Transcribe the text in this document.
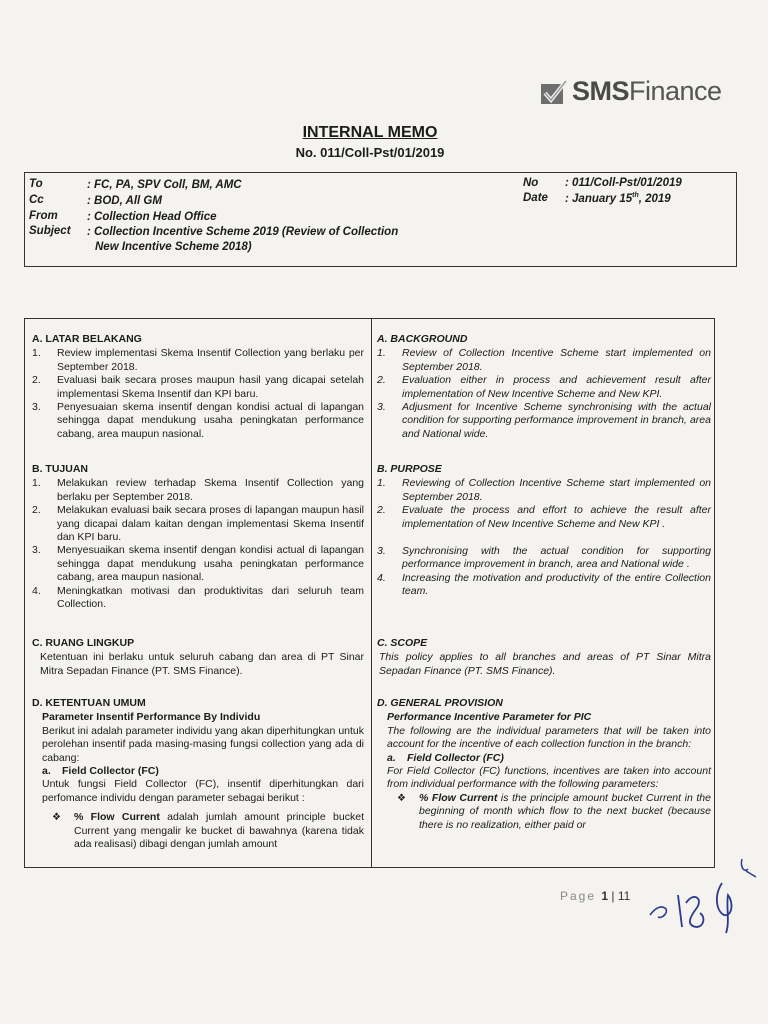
SMSFinance
INTERNAL MEMO
No. 011/Coll-Pst/01/2019
To	: FC, PA, SPV Coll, BM, AMC
Cc	: BOD, All GM
From	: Collection Head Office
Subject	: Collection Incentive Scheme 2019 (Review of Collection
New Incentive Scheme 2018)
No	: 011/Coll-Pst/01/2019
Date	: January 15th, 2019
A. LATAR BELAKANG
1.	Review implementasi Skema Insentif Collection yang berlaku per September 2018.
2.	Evaluasi baik secara proses maupun hasil yang dicapai setelah implementasi Skema Insentif dan KPI baru.
3.	Penyesuaian skema insentif dengan kondisi actual di lapangan sehingga dapat mendukung usaha peningkatan performance cabang, area maupun nasional.
B. TUJUAN
1.	Melakukan review terhadap Skema Insentif Collection yang berlaku per September 2018.
2.	Melakukan evaluasi baik secara proses di lapangan maupun hasil yang dicapai dalam kaitan dengan implementasi Skema Insentif dan KPI baru.
3.	Menyesuaikan skema insentif dengan kondisi actual di lapangan sehingga dapat mendukung usaha peningkatan performance cabang, area maupun nasional.
4.	Meningkatkan motivasi dan produktivitas dari seluruh team Collection.
C. RUANG LINGKUP
Ketentuan ini berlaku untuk seluruh cabang dan area di PT Sinar Mitra Sepadan Finance (PT. SMS Finance).
D. KETENTUAN UMUM
Parameter Insentif Performance By Individu
Berikut ini adalah parameter individu yang akan diperhitungkan untuk perolehan insentif pada masing-masing fungsi collection yang ada di cabang:
a.	Field Collector (FC)
Untuk fungsi Field Collector (FC), insentif diperhitungkan dari perfomance individu dengan parameter sebagai berikut :
❖	% Flow Current adalah jumlah amount principle bucket Current yang mengalir ke bucket di bawahnya (karena tidak ada realisasi) dibagi dengan jumlah amount
A. BACKGROUND
1.	Review of Collection Incentive Scheme start implemented on September 2018.
2.	Evaluation either in process and achievement result after implementation of New Incentive Scheme and New KPI.
3.	Adjusment for Incentive Scheme synchronising with the actual condition for supporting performance improvement in branch, area and National wide.
B. PURPOSE
1.	Reviewing of Collection Incentive Scheme start implemented on September 2018.
2.	Evaluate the process and effort to achieve the result after implementation of New Incentive Scheme and New KPI .
3.	Synchronising with the actual condition for supporting performance improvement in branch, area and National wide .
4.	Increasing the motivation and productivity of the entire Collection team.
C. SCOPE
This policy applies to all branches and areas of PT Sinar Mitra Sepadan Finance (PT. SMS Finance).
D. GENERAL PROVISION
Performance Incentive Parameter for PIC
The following are the individual parameters that will be taken into account for the incentive of each collection function in the branch:
a.	Field Collector (FC)
For Field Collector (FC) functions, incentives are taken into account from individual performance with the following parameters:
❖	% Flow Current is the principle amount bucket Current in the beginning of month which flow to the next bucket (because there is no realization, either paid or
Page 1 | 11
